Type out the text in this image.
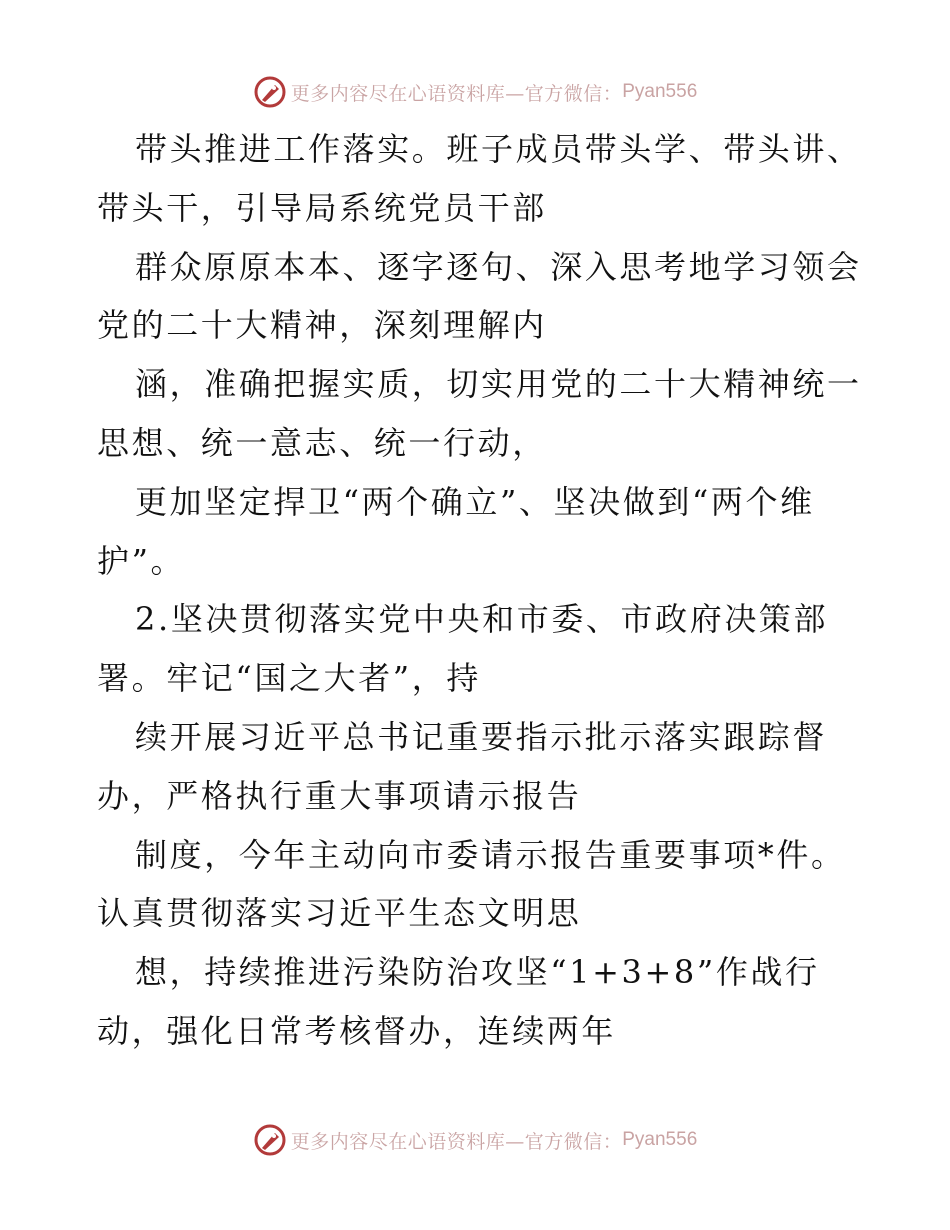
更多内容尽在心语资料库—官方微信： Pyan556
带头推进工作落实。班子成员带头学、带头讲、
带头干，引导局系统党员干部
群众原原本本、逐字逐句、深入思考地学习领会
党的二十大精神，深刻理解内
涵，准确把握实质，切实用党的二十大精神统一
思想、统一意志、统一行动，
更加坚定捍卫“两个确立”、坚决做到“两个维
护”。
2.坚决贯彻落实党中央和市委、市政府决策部
署。牢记“国之大者”，持
续开展习近平总书记重要指示批示落实跟踪督
办，严格执行重大事项请示报告
制度，今年主动向市委请示报告重要事项*件。
认真贯彻落实习近平生态文明思
想，持续推进污染防治攻坚“1+3+8”作战行
动，强化日常考核督办，连续两年
更多内容尽在心语资料库—官方微信： Pyan556
